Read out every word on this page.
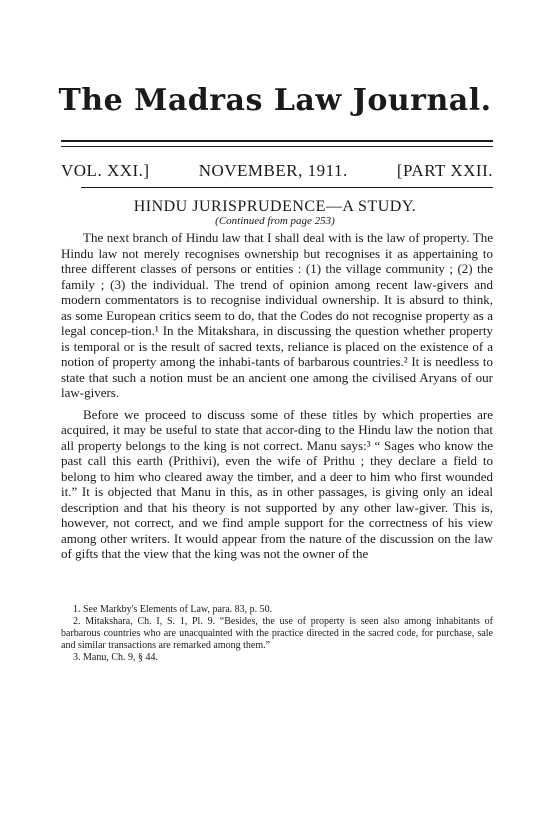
The Madras Law Journal.
VOL. XXI.]	NOVEMBER, 1911.	[PART XXII.
HINDU JURISPRUDENCE—A STUDY.
(Continued from page 253)

The next branch of Hindu law that I shall deal with is the law of property. The Hindu law not merely recognises ownership but recognises it as appertaining to three different classes of persons or entities : (1) the village community ; (2) the family ; (3) the individual. The trend of opinion among recent law-givers and modern commentators is to recognise individual ownership. It is absurd to think, as some European critics seem to do, that the Codes do not recognise property as a legal concep-tion.¹ In the Mitakshara, in discussing the question whether property is temporal or is the result of sacred texts, reliance is placed on the existence of a notion of property among the inhabi-tants of barbarous countries.² It is needless to state that such a notion must be an ancient one among the civilised Aryans of our law-givers.

Before we proceed to discuss some of these titles by which properties are acquired, it may be useful to state that accor-ding to the Hindu law the notion that all property belongs to the king is not correct. Manu says:³ “ Sages who know the past call this earth (Prithivi), even the wife of Prithu ; they declare a field to belong to him who cleared away the timber, and a deer to him who first wounded it.” It is objected that Manu in this, as in other passages, is giving only an ideal description and that his theory is not supported by any other law-giver. This is, however, not correct, and we find ample support for the correctness of his view among other writers. It would appear from the nature of the discussion on the law of gifts that the view that the king was not the owner of the

1. See Markby's Elements of Law, para. 83, p. 50.
2. Mitakshara, Ch. I, S. 1, Pl. 9. “Besides, the use of property is seen also among inhabitants of barbarous countries who are unacquainted with the practice directed in the sacred code, for purchase, sale and similar transactions are remarked among them.”
3. Manu, Ch. 9, § 44.
